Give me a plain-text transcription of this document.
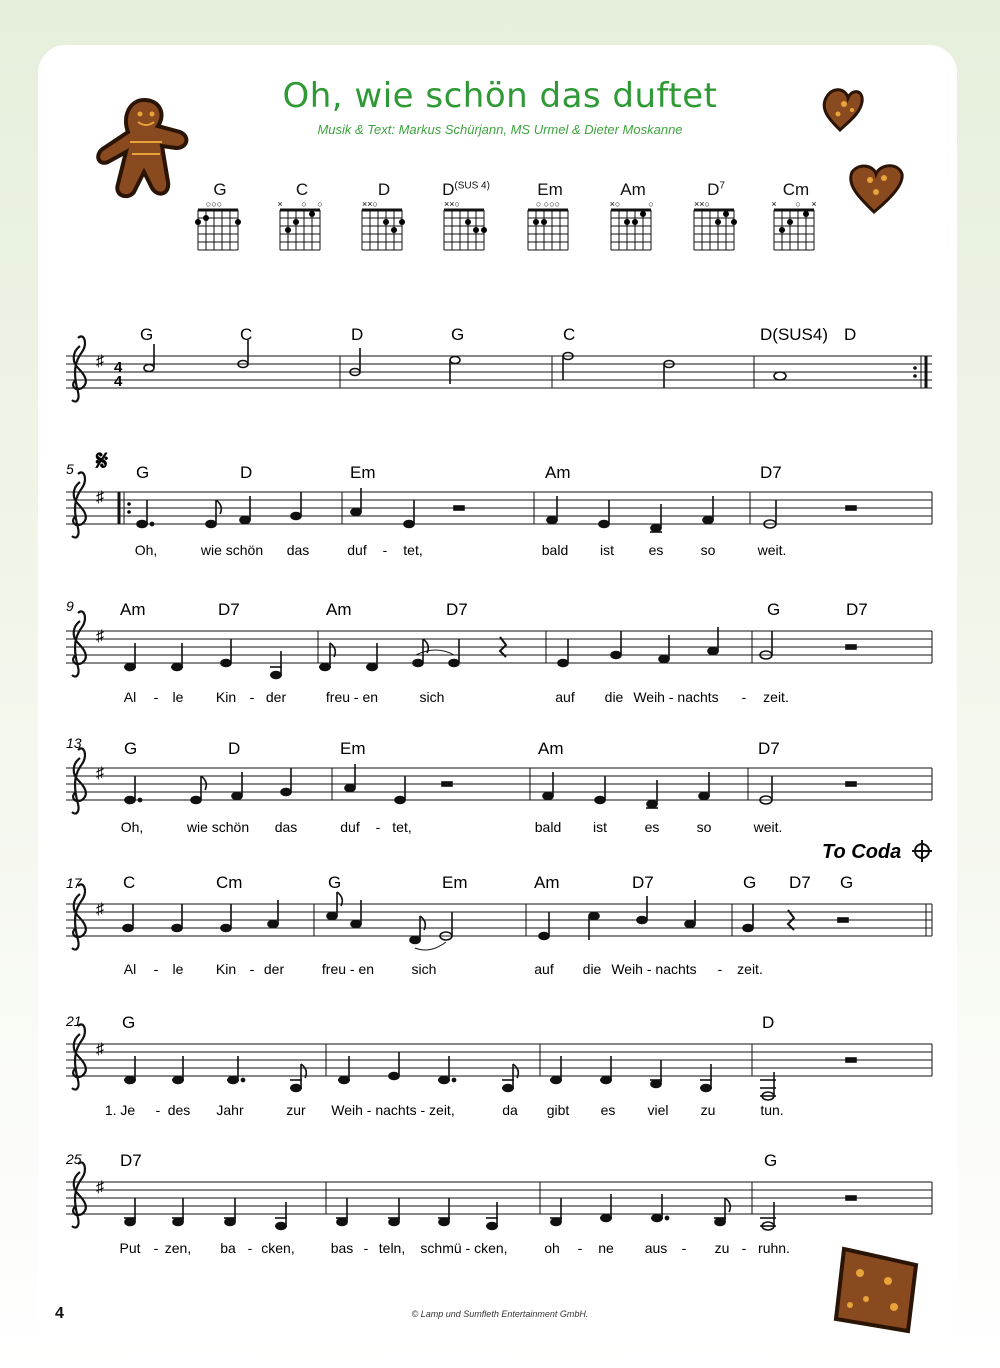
Oh, wie schön das duftet
Musik & Text: Markus Schürjann, MS Urmel & Dieter Moskanne
G
○○○
C
× ○ ○
D
××○
$D^{(SUS 4)}$
××○
Em
○ ○○○
Am
×○	○
$D^7$
××○
Cm
× ○ ×
♯ 4
4
G	C	D	G	C	D(SUS4) D
5 𝄋
♯
G	D	Em	Am	D7
Oh,	wie schön das	duf - tet,	bald ist es	so	weit.
9
♯
Am	D7	Am	D7	G	D7
Al - le Kin - der	freu - en	sich	auf die Weih - nachts - zeit.
13
♯
G	D	Em	Am	D7
Oh,	wie schön das	duf - tet,	bald ist	es	so	weit.
To Coda
17
♯
C	Cm	G	Em	Am	D7	G D7 G
Al - le Kin - der	freu - en	sich	auf die Weih - nachts - zeit.
21
♯
G	D
1. Je - des Jahr	zur Weih - nachts - zeit,	da gibt es viel zu	tun.
25
♯
D7	G
Put - zen, ba - cken,	bas - teln, schmü - cken,	oh - ne aus - zu - ruhn.
4	© Lamp und Sumfleth Entertainment GmbH.
